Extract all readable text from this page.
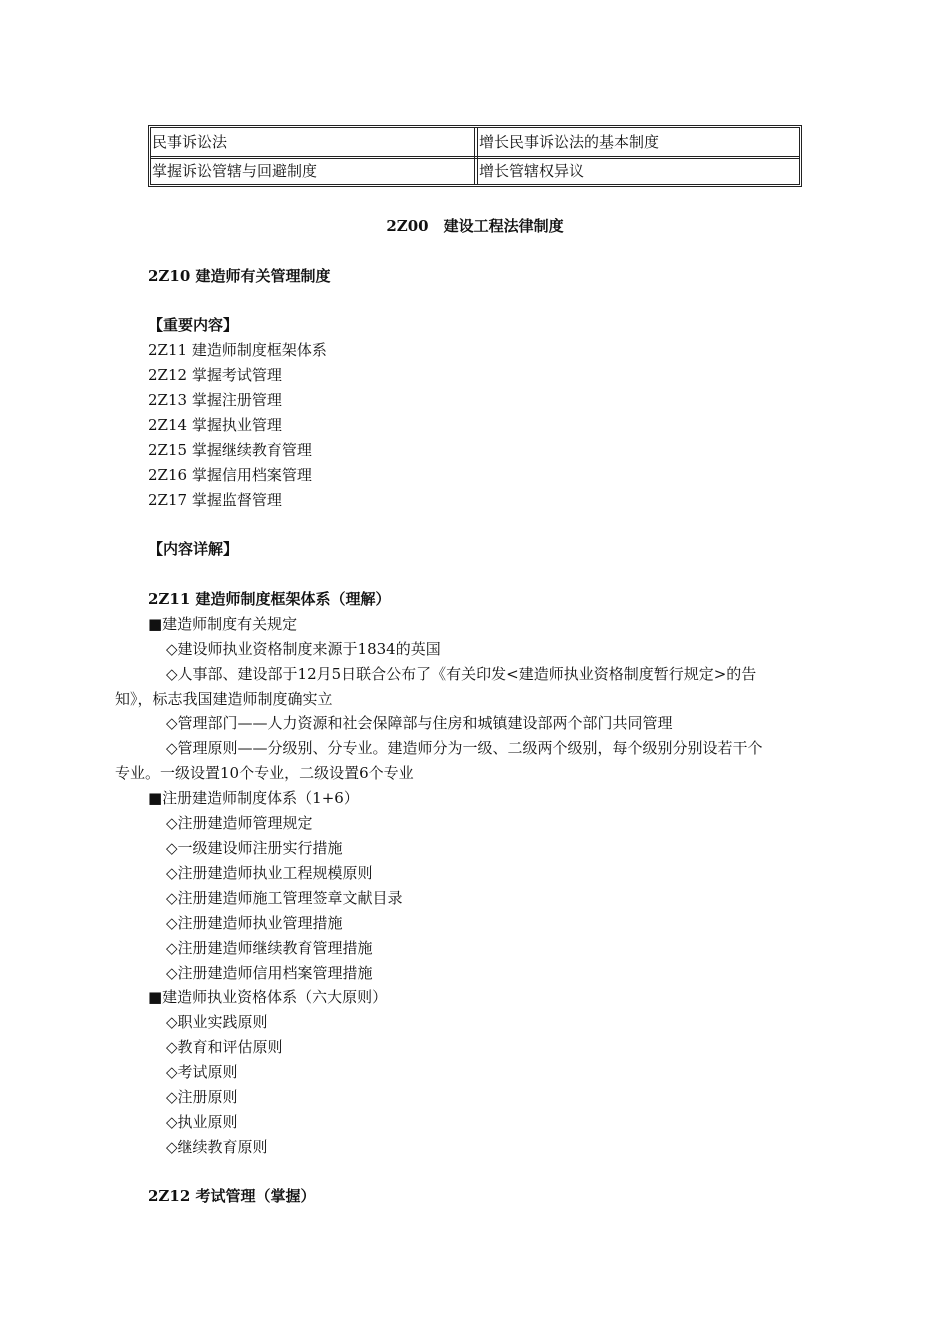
民事诉讼法	增长民事诉讼法的基本制度
掌握诉讼管辖与回避制度	增长管辖权异议
2Z00　建设工程法律制度
2Z10 建造师有关管理制度
【重要内容】
2Z11 建造师制度框架体系
2Z12 掌握考试管理
2Z13 掌握注册管理
2Z14 掌握执业管理
2Z15 掌握继续教育管理
2Z16 掌握信用档案管理
2Z17 掌握监督管理
【内容详解】
2Z11 建造师制度框架体系（理解）
■建造师制度有关规定
◇建设师执业资格制度来源于1834的英国
◇人事部、建设部于12月5日联合公布了《有关印发<建造师执业资格制度暂行规定>的告
知》，标志我国建造师制度确实立
◇管理部门——人力资源和社会保障部与住房和城镇建设部两个部门共同管理
◇管理原则——分级别、分专业。建造师分为一级、二级两个级别，每个级别分别设若干个
专业。一级设置10个专业，二级设置6个专业
■注册建造师制度体系（1+6）
◇注册建造师管理规定
◇一级建设师注册实行措施
◇注册建造师执业工程规模原则
◇注册建造师施工管理签章文献目录
◇注册建造师执业管理措施
◇注册建造师继续教育管理措施
◇注册建造师信用档案管理措施
■建造师执业资格体系（六大原则）
◇职业实践原则
◇教育和评估原则
◇考试原则
◇注册原则
◇执业原则
◇继续教育原则
2Z12 考试管理（掌握）
